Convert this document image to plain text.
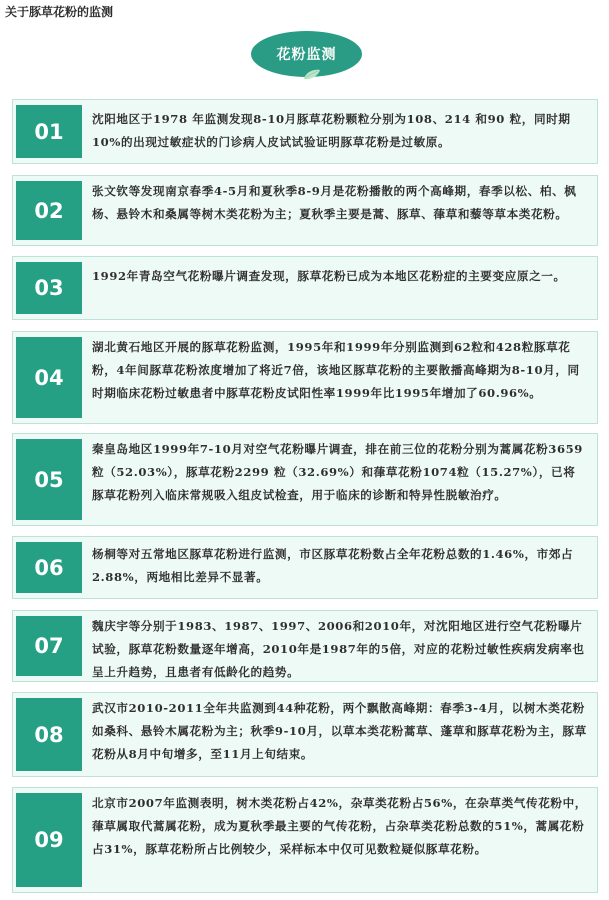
关于豚草花粉的监测
花粉监测
01
沈阳地区于1978 年监测发现8-10月豚草花粉颗粒分别为108、214 和90 粒，同时期10%的出现过敏症状的门诊病人皮试试验证明豚草花粉是过敏原。
02
张文钦等发现南京春季4-5月和夏秋季8-9月是花粉播散的两个高峰期，春季以松、柏、枫杨、悬铃木和桑属等树木类花粉为主；夏秋季主要是蒿、豚草、葎草和藜等草本类花粉。
03	1992年青岛空气花粉曝片调查发现，豚草花粉已成为本地区花粉症的主要变应原之一。
04
湖北黄石地区开展的豚草花粉监测，1995年和1999年分别监测到62粒和428粒豚草花粉，4年间豚草花粉浓度增加了将近7倍，该地区豚草花粉的主要散播高峰期为8-10月，同时期临床花粉过敏患者中豚草花粉皮试阳性率1999年比1995年增加了60.96%。
05
秦皇岛地区1999年7-10月对空气花粉曝片调查，排在前三位的花粉分别为蒿属花粉3659粒（52.03%），豚草花粉2299 粒（32.69%）和葎草花粉1074粒（15.27%），已将豚草花粉列入临床常规吸入组皮试检查，用于临床的诊断和特异性脱敏治疗。
06
杨桐等对五常地区豚草花粉进行监测，市区豚草花粉数占全年花粉总数的1.46%，市郊占2.88%，两地相比差异不显著。
07
魏庆宇等分别于1983、1987、1997、2006和2010年，对沈阳地区进行空气花粉曝片试验，豚草花粉数量逐年增高，2010年是1987年的5倍，对应的花粉过敏性疾病发病率也呈上升趋势，且患者有低龄化的趋势。
08
武汉市2010-2011全年共监测到44种花粉，两个飘散高峰期：春季3-4月，以树木类花粉如桑科、悬铃木属花粉为主；秋季9-10月，以草本类花粉蒿草、蓬草和豚草花粉为主，豚草花粉从8月中旬增多，至11月上旬结束。
09
北京市2007年监测表明，树木类花粉占42%，杂草类花粉占56%，在杂草类气传花粉中，葎草属取代蒿属花粉，成为夏秋季最主要的气传花粉，占杂草类花粉总数的51%，蒿属花粉占31%，豚草花粉所占比例较少，采样标本中仅可见数粒疑似豚草花粉。
